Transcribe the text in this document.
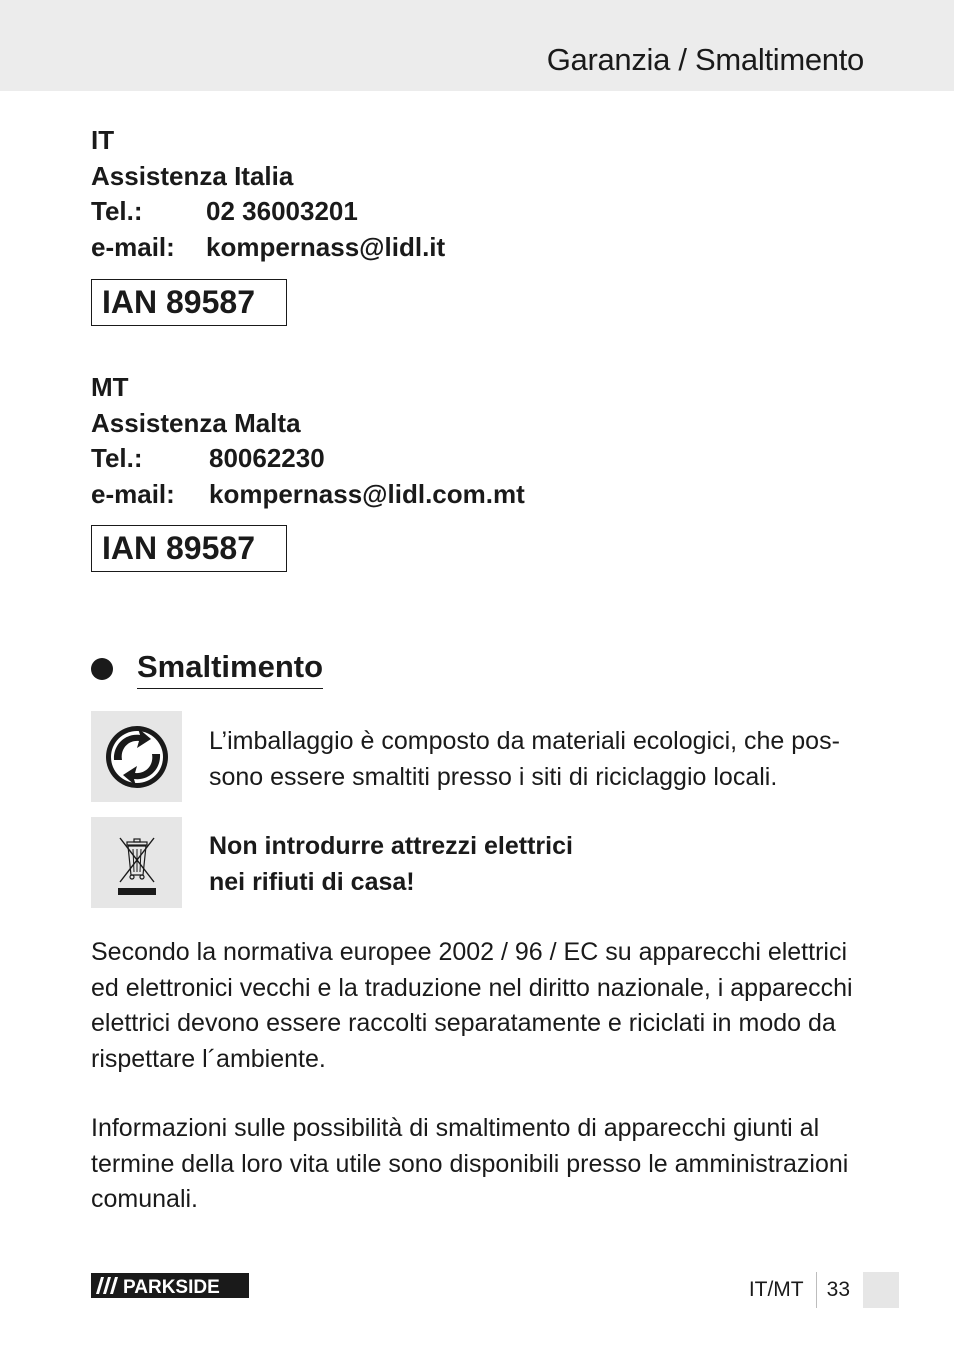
Garanzia / Smaltimento
IT
Assistenza Italia
Tel.:	02 36003201
e-mail:	kompernass@lidl.it
IAN 89587
MT
Assistenza Malta
Tel.:	80062230
e-mail:	kompernass@lidl.com.mt
IAN 89587
Smaltimento
L’imballaggio è composto da materiali ecologici, che pos-
sono essere smaltiti presso i siti di riciclaggio locali.
Non introdurre attrezzi elettrici
nei rifiuti di casa!
Secondo la normativa europee 2002 / 96 / EC su apparecchi elettrici
ed elettronici vecchi e la traduzione nel diritto nazionale, i apparecchi
elettrici devono essere raccolti separatamente e riciclati in modo da
rispettare l´ambiente.
Informazioni sulle possibilità di smaltimento di apparecchi giunti al
termine della loro vita utile sono disponibili presso le amministrazioni
comunali.
PARKSIDE	IT/MT	33
